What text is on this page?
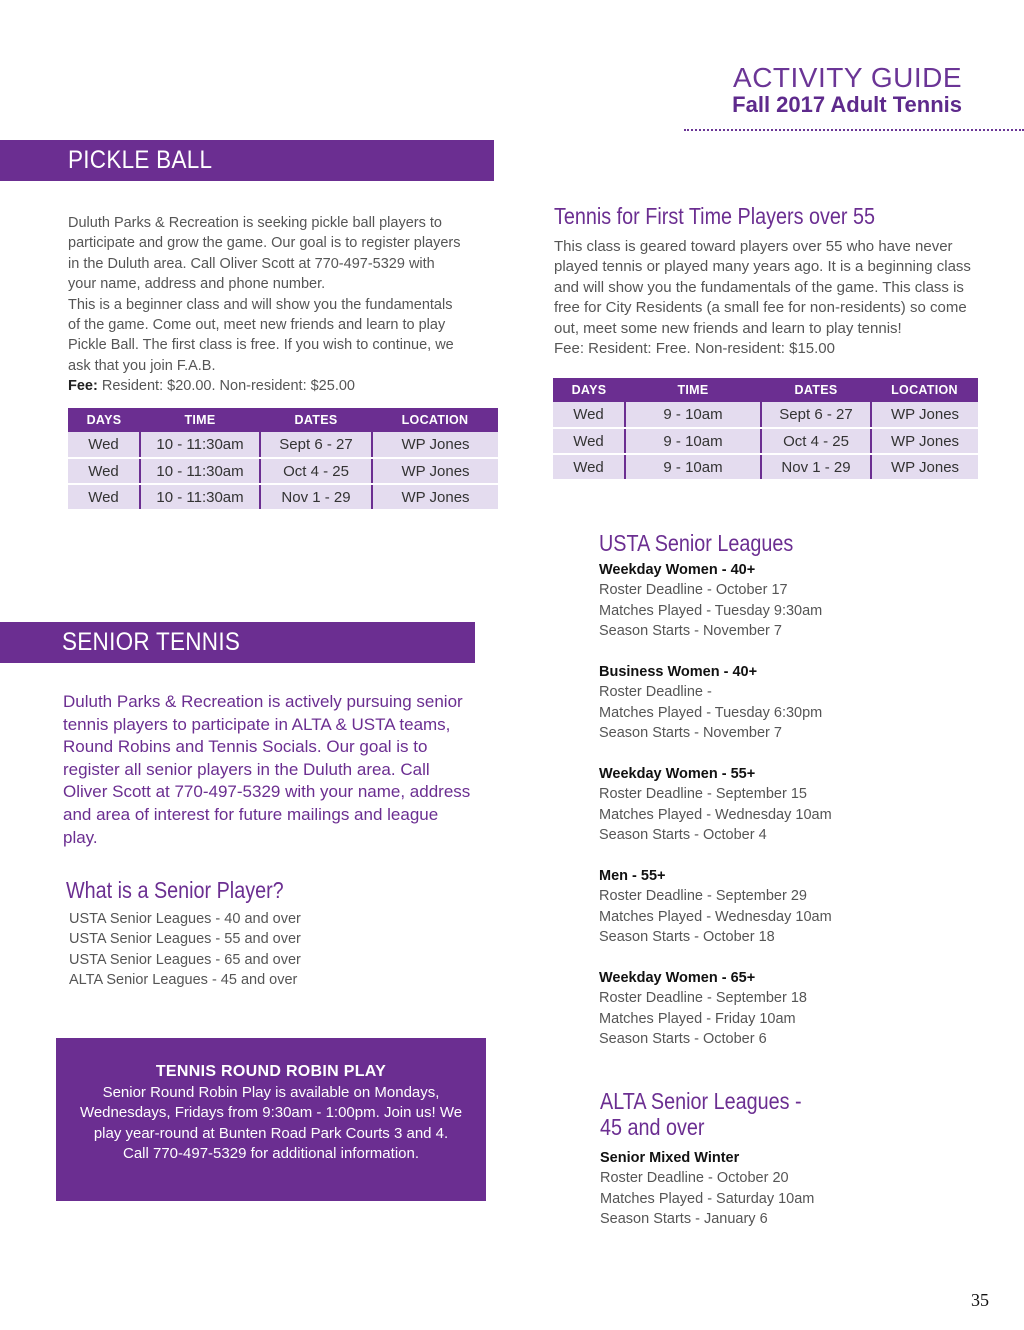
ACTIVITY GUIDE
Fall 2017 Adult Tennis
PICKLE BALL
Duluth Parks & Recreation is seeking pickle ball players to
participate and grow the game. Our goal is to register players
in the Duluth area. Call Oliver Scott at 770-497-5329 with
your name, address and phone number.
This is a beginner class and will show you the fundamentals
of the game. Come out, meet new friends and learn to play
Pickle Ball. The first class is free. If you wish to continue, we
ask that you join F.A.B.
Fee: Resident: $20.00. Non-resident: $25.00
DAYS	TIME	DATES	LOCATION
Wed	10 - 11:30am	Sept 6 - 27	WP Jones
Wed	10 - 11:30am	Oct 4 - 25	WP Jones
Wed	10 - 11:30am	Nov 1 - 29	WP Jones
Tennis for First Time Players over 55
This class is geared toward players over 55 who have never
played tennis or played many years ago. It is a beginning class
and will show you the fundamentals of the game. This class is
free for City Residents (a small fee for non-residents) so come
out, meet some new friends and learn to play tennis!
Fee: Resident: Free. Non-resident: $15.00
DAYS	TIME	DATES	LOCATION
Wed	9 - 10am	Sept 6 - 27	WP Jones
Wed	9 - 10am	Oct 4 - 25	WP Jones
Wed	9 - 10am	Nov 1 - 29	WP Jones
SENIOR TENNIS
Duluth Parks & Recreation is actively pursuing senior
tennis players to participate in ALTA & USTA teams,
Round Robins and Tennis Socials. Our goal is to
register all senior players in the Duluth area. Call
Oliver Scott at 770-497-5329 with your name, address
and area of interest for future mailings and league
play.
What is a Senior Player?
USTA Senior Leagues - 40 and over
USTA Senior Leagues - 55 and over
USTA Senior Leagues - 65 and over
ALTA Senior Leagues - 45 and over
TENNIS ROUND ROBIN PLAY
Senior Round Robin Play is available on Mondays,
Wednesdays, Fridays from 9:30am - 1:00pm. Join us! We
play year-round at Bunten Road Park Courts 3 and 4.
Call 770-497-5329 for additional information.
USTA Senior Leagues
Weekday Women - 40+
Roster Deadline - October 17
Matches Played - Tuesday 9:30am
Season Starts - November 7
Business Women - 40+
Roster Deadline -
Matches Played - Tuesday 6:30pm
Season Starts - November 7
Weekday Women - 55+
Roster Deadline - September 15
Matches Played - Wednesday 10am
Season Starts - October 4
Men - 55+
Roster Deadline - September 29
Matches Played - Wednesday 10am
Season Starts - October 18
Weekday Women - 65+
Roster Deadline - September 18
Matches Played - Friday 10am
Season Starts - October 6
ALTA Senior Leagues -
45 and over
Senior Mixed Winter
Roster Deadline - October 20
Matches Played - Saturday 10am
Season Starts - January 6
35
